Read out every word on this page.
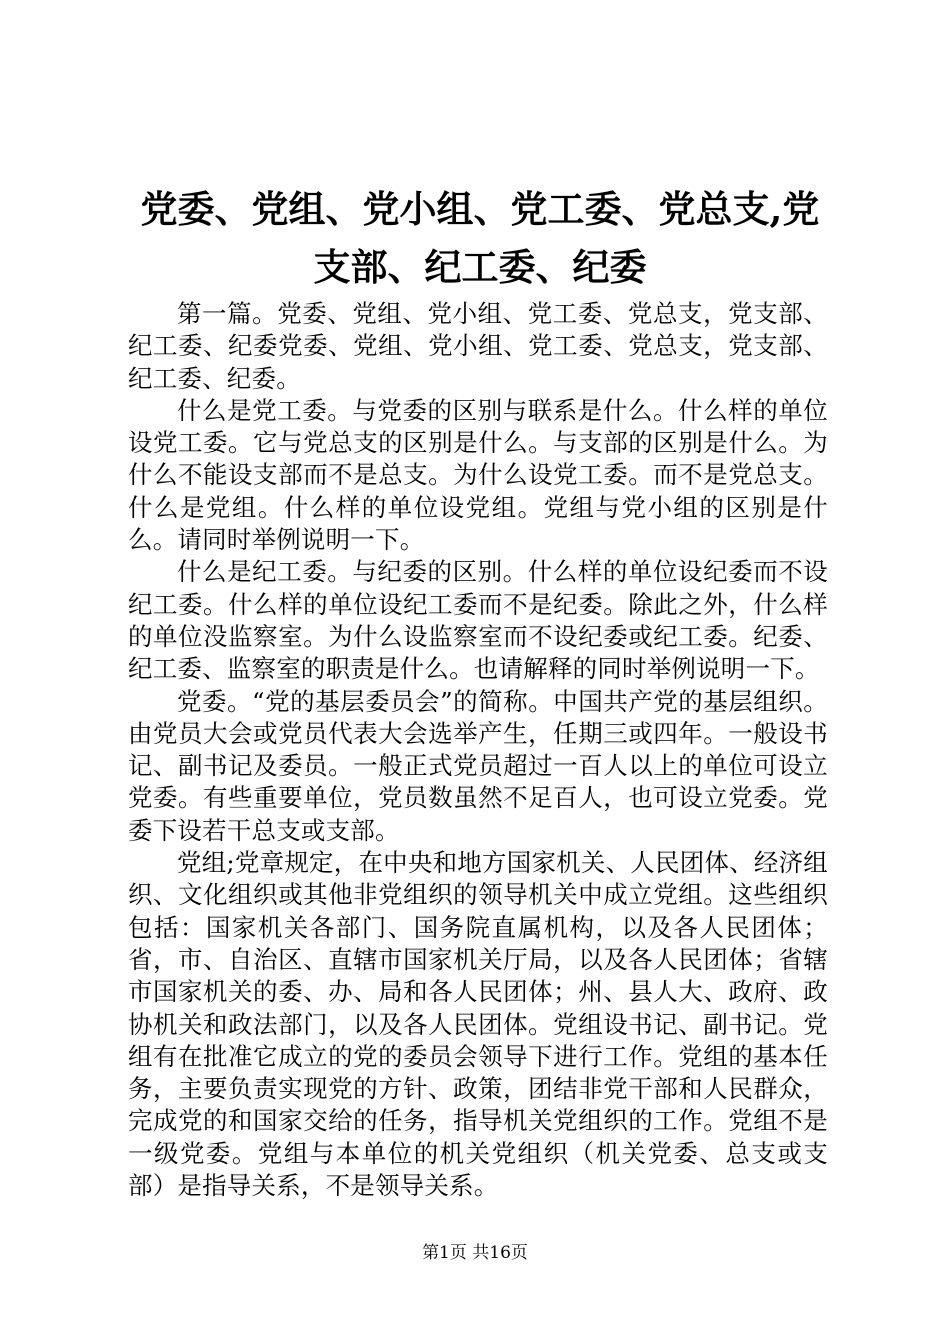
党委、党组、党小组、党工委、党总支,党支部、纪工委、纪委

第一篇。党委、党组、党小组、党工委、党总支，党支部、纪工委、纪委党委、党组、党小组、党工委、党总支，党支部、纪工委、纪委。

什么是党工委。与党委的区别与联系是什么。什么样的单位设党工委。它与党总支的区别是什么。与支部的区别是什么。为什么不能设支部而不是总支。为什么设党工委。而不是党总支。什么是党组。什么样的单位设党组。党组与党小组的区别是什么。请同时举例说明一下。

什么是纪工委。与纪委的区别。什么样的单位设纪委而不设纪工委。什么样的单位设纪工委而不是纪委。除此之外，什么样的单位没监察室。为什么设监察室而不设纪委或纪工委。纪委、纪工委、监察室的职责是什么。也请解释的同时举例说明一下。

党委。“党的基层委员会”的简称。中国共产党的基层组织。由党员大会或党员代表大会选举产生，任期三或四年。一般设书记、副书记及委员。一般正式党员超过一百人以上的单位可设立党委。有些重要单位，党员数虽然不足百人，也可设立党委。党委下设若干总支或支部。

党组;党章规定，在中央和地方国家机关、人民团体、经济组织、文化组织或其他非党组织的领导机关中成立党组。这些组织包括：国家机关各部门、国务院直属机构，以及各人民团体；省，市、自治区、直辖市国家机关厅局，以及各人民团体；省辖市国家机关的委、办、局和各人民团体；州、县人大、政府、政协机关和政法部门，以及各人民团体。党组设书记、副书记。党组有在批准它成立的党的委员会领导下进行工作。党组的基本任务，主要负责实现党的方针、政策，团结非党干部和人民群众，完成党的和国家交给的任务，指导机关党组织的工作。党组不是一级党委。党组与本单位的机关党组织（机关党委、总支或支部）是指导关系，不是领导关系。

第1页 共16页
